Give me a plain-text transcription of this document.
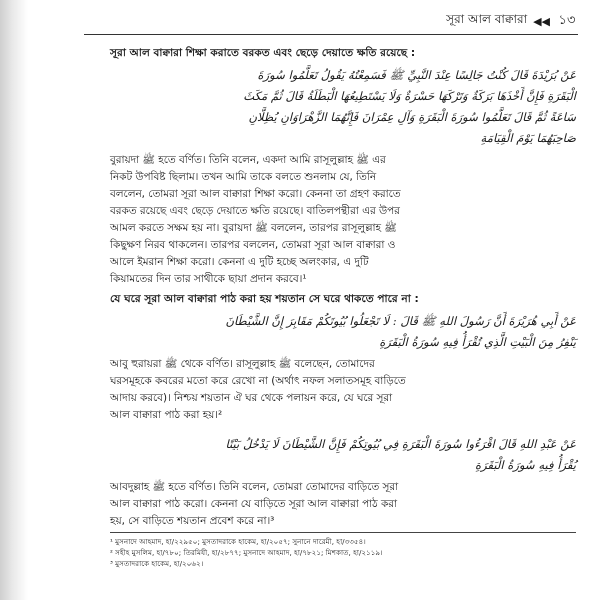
সূরা আল বাক্বারা ◀◀ ১৩
সূরা আল বাক্বারা শিক্ষা করাতে বরকত এবং ছেড়ে দেয়াতে ক্ষতি রয়েছে :
عَنْ بُرَيْدَةَ قَالَ كُنْتُ جَالِسًا عِنْدَ النَّبِيِّ ﷺ فَسَمِعْتُهُ يَقُولُ تَعَلَّمُوا سُورَةَ
الْبَقَرَةِ فَإِنَّ أَخْذَهَا بَرَكَةٌ وَتَرْكَهَا حَسْرَةٌ وَلَا يَسْتَطِيعُهَا الْبَطَلَةُ قَالَ ثُمَّ مَكَثَ
سَاعَةً ثُمَّ قَالَ تَعَلَّمُوا سُورَةَ الْبَقَرَةِ وَآلِ عِمْرَانَ فَإِنَّهُمَا الزَّهْرَاوَانِ يُظِلَّانِ
صَاحِبَهُمَا يَوْمَ الْقِيَامَةِ
বুরায়দা ﷺ হতে বর্ণিত। তিনি বলেন, একদা আমি রাসূলুল্লাহ ﷺ এর
নিকট উপবিষ্ট ছিলাম। তখন আমি তাকে বলতে শুনলাম যে, তিনি
বললেন, তোমরা সূরা আল বাক্বারা শিক্ষা করো। কেননা তা গ্রহণ করাতে
বরকত রয়েছে এবং ছেড়ে দেয়াতে ক্ষতি রয়েছে। বাতিলপন্থীরা এর উপর
আমল করতে সক্ষম হয় না। বুরায়দা ﷺ বললেন, তারপর রাসূলুল্লাহ ﷺ
কিছুক্ষণ নিরব থাকলেন। তারপর বললেন, তোমরা সূরা আল বাক্বারা ও
আলে ইমরান শিক্ষা করো। কেননা এ দুটি হচ্ছে অলংকার, এ দুটি
কিয়ামতের দিন তার সাথীকে ছায়া প্রদান করবে।¹
যে ঘরে সূরা আল বাক্বারা পাঠ করা হয় শয়তান সে ঘরে থাকতে পারে না :
عَنْ أَبِي هُرَيْرَةَ أَنَّ رَسُولَ اللهِ ﷺ قَالَ : لَا تَجْعَلُوا بُيُوتَكُمْ مَقَابِرَ إِنَّ الشَّيْطَانَ
يَنْفِرُ مِنَ الْبَيْتِ الَّذِي تُقْرَأُ فِيهِ سُورَةُ الْبَقَرَةِ
আবু হুরায়রা ﷺ থেকে বর্ণিত। রাসূলুল্লাহ ﷺ বলেছেন, তোমাদের
ঘরসমূহকে কবরের মতো করে রেখো না (অর্থাৎ নফল সলাতসমূহ বাড়িতে
আদায় করবে)। নিশ্চয় শয়তান ঐ ঘর থেকে পলায়ন করে, যে ঘরে সূরা
আল বাক্বারা পাঠ করা হয়।²
عَنْ عَبْدِ اللهِ قَالَ اقْرَءُوا سُورَةَ الْبَقَرَةِ فِي بُيُوتِكُمْ فَإِنَّ الشَّيْطَانَ لَا يَدْخُلُ بَيْتًا
يُقْرَأُ فِيهِ سُورَةُ الْبَقَرَةِ
আবদুল্লাহ ﷺ হতে বর্ণিত। তিনি বলেন, তোমরা তোমাদের বাড়িতে সূরা
আল বাক্বারা পাঠ করো। কেননা যে বাড়িতে সূরা আল বাক্বারা পাঠ করা
হয়, সে বাড়িতে শয়তান প্রবেশ করে না।³
¹ মুসনাদে আহমাদ, হা/২২৯৫০; মুসতাদরাকে হাকেম, হা/২০৫৭; সুনানে দারেমী, হা/৩৩৫৪।
² সহীহ মুসলিম, হা/৭৮০; তিরমিযী, হা/২৮৭৭; মুসনাদে আহমাদ, হা/৭৮২১; মিশকাত, হা/২১১৯।
³ মুসতাদরাকে হাকেম, হা/২০৬২।
